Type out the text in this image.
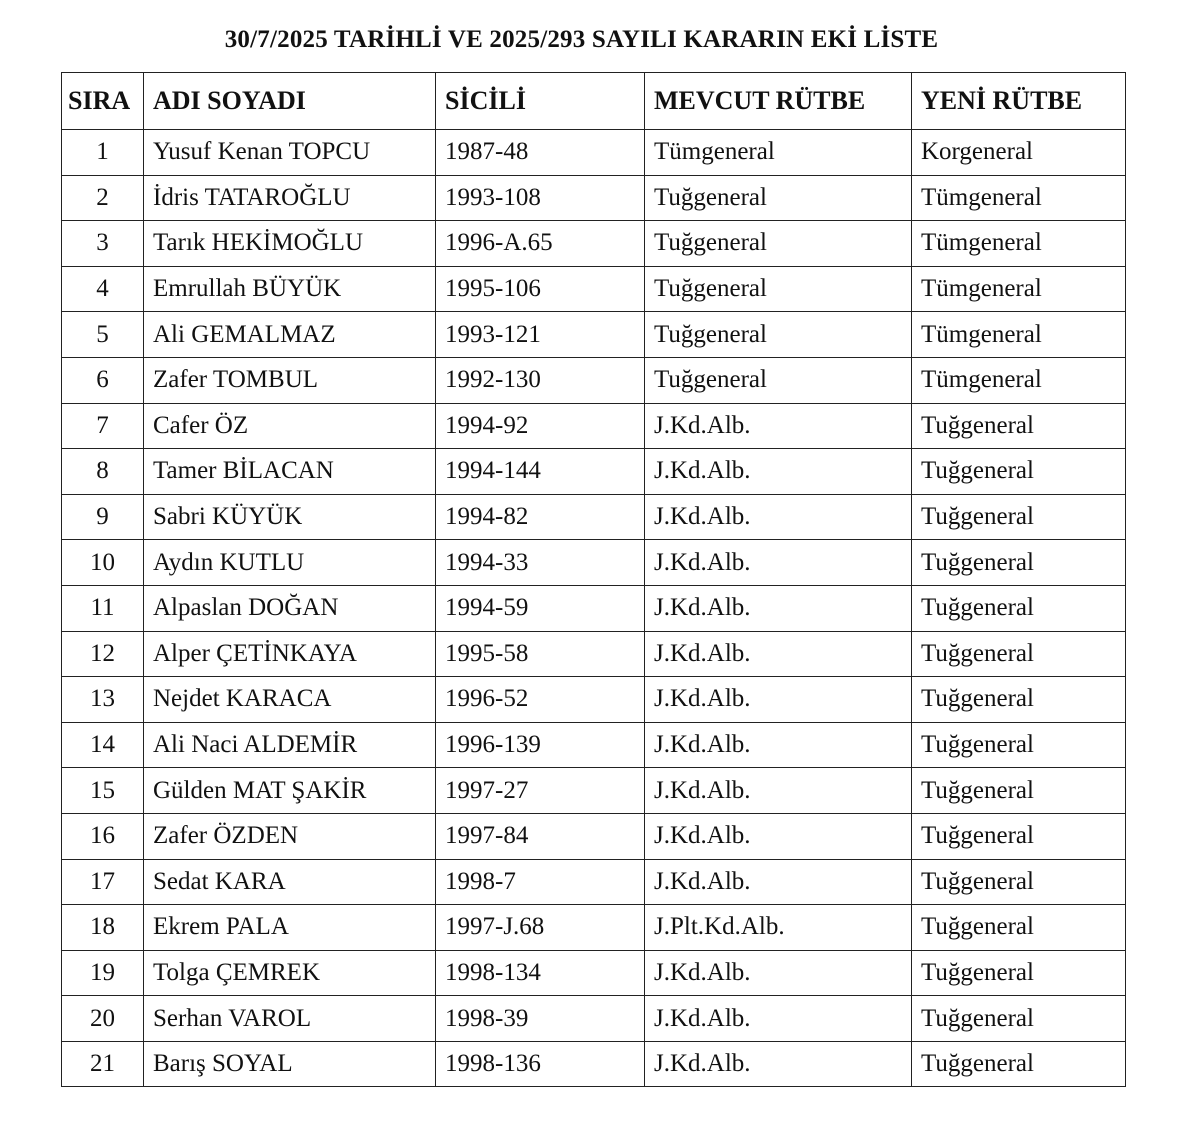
30/7/2025 TARİHLİ VE 2025/293 SAYILI KARARIN EKİ LİSTE
SIRA	ADI SOYADI	SİCİLİ	MEVCUT RÜTBE	YENİ RÜTBE
1	Yusuf Kenan TOPCU	1987-48	Tümgeneral	Korgeneral
2	İdris TATAROĞLU	1993-108	Tuğgeneral	Tümgeneral
3	Tarık HEKİMOĞLU	1996-A.65	Tuğgeneral	Tümgeneral
4	Emrullah BÜYÜK	1995-106	Tuğgeneral	Tümgeneral
5	Ali GEMALMAZ	1993-121	Tuğgeneral	Tümgeneral
6	Zafer TOMBUL	1992-130	Tuğgeneral	Tümgeneral
7	Cafer ÖZ	1994-92	J.Kd.Alb.	Tuğgeneral
8	Tamer BİLACAN	1994-144	J.Kd.Alb.	Tuğgeneral
9	Sabri KÜYÜK	1994-82	J.Kd.Alb.	Tuğgeneral
10	Aydın KUTLU	1994-33	J.Kd.Alb.	Tuğgeneral
11	Alpaslan DOĞAN	1994-59	J.Kd.Alb.	Tuğgeneral
12	Alper ÇETİNKAYA	1995-58	J.Kd.Alb.	Tuğgeneral
13	Nejdet KARACA	1996-52	J.Kd.Alb.	Tuğgeneral
14	Ali Naci ALDEMİR	1996-139	J.Kd.Alb.	Tuğgeneral
15	Gülden MAT ŞAKİR	1997-27	J.Kd.Alb.	Tuğgeneral
16	Zafer ÖZDEN	1997-84	J.Kd.Alb.	Tuğgeneral
17	Sedat KARA	1998-7	J.Kd.Alb.	Tuğgeneral
18	Ekrem PALA	1997-J.68	J.Plt.Kd.Alb.	Tuğgeneral
19	Tolga ÇEMREK	1998-134	J.Kd.Alb.	Tuğgeneral
20	Serhan VAROL	1998-39	J.Kd.Alb.	Tuğgeneral
21	Barış SOYAL	1998-136	J.Kd.Alb.	Tuğgeneral
